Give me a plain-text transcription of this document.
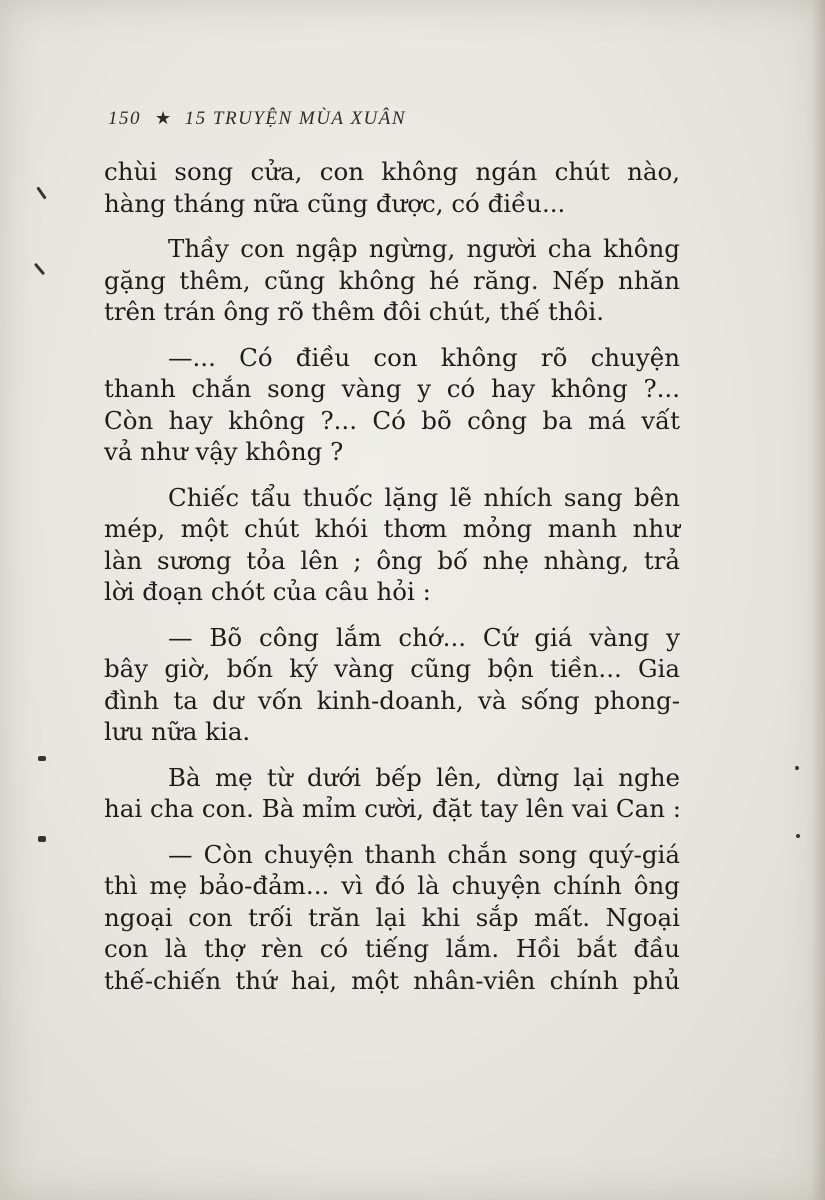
150 ★ 15 TRUYỆN MÙA XUÂN
chùi song cửa, con không ngán chút nào,
hàng tháng nữa cũng được, có điều...
Thầy con ngập ngừng, người cha không
gặng thêm, cũng không hé răng. Nếp nhăn
trên trán ông rõ thêm đôi chút, thế thôi.
—... Có điều con không rõ chuyện
thanh chắn song vàng y có hay không ?...
Còn hay không ?... Có bõ công ba má vất
vả như vậy không ?
Chiếc tẩu thuốc lặng lẽ nhích sang bên
mép, một chút khói thơm mỏng manh như
làn sương tỏa lên ; ông bố nhẹ nhàng, trả
lời đoạn chót của câu hỏi :
— Bõ công lắm chớ... Cứ giá vàng y
bây giờ, bốn ký vàng cũng bộn tiền... Gia
đình ta dư vốn kinh-doanh, và sống phong-
lưu nữa kia.
Bà mẹ từ dưới bếp lên, dừng lại nghe
hai cha con. Bà mỉm cười, đặt tay lên vai Can :
— Còn chuyện thanh chắn song quý-giá
thì mẹ bảo-đảm... vì đó là chuyện chính ông
ngoại con trối trăn lại khi sắp mất. Ngoại
con là thợ rèn có tiếng lắm. Hồi bắt đầu
thế-chiến thứ hai, một nhân-viên chính phủ
